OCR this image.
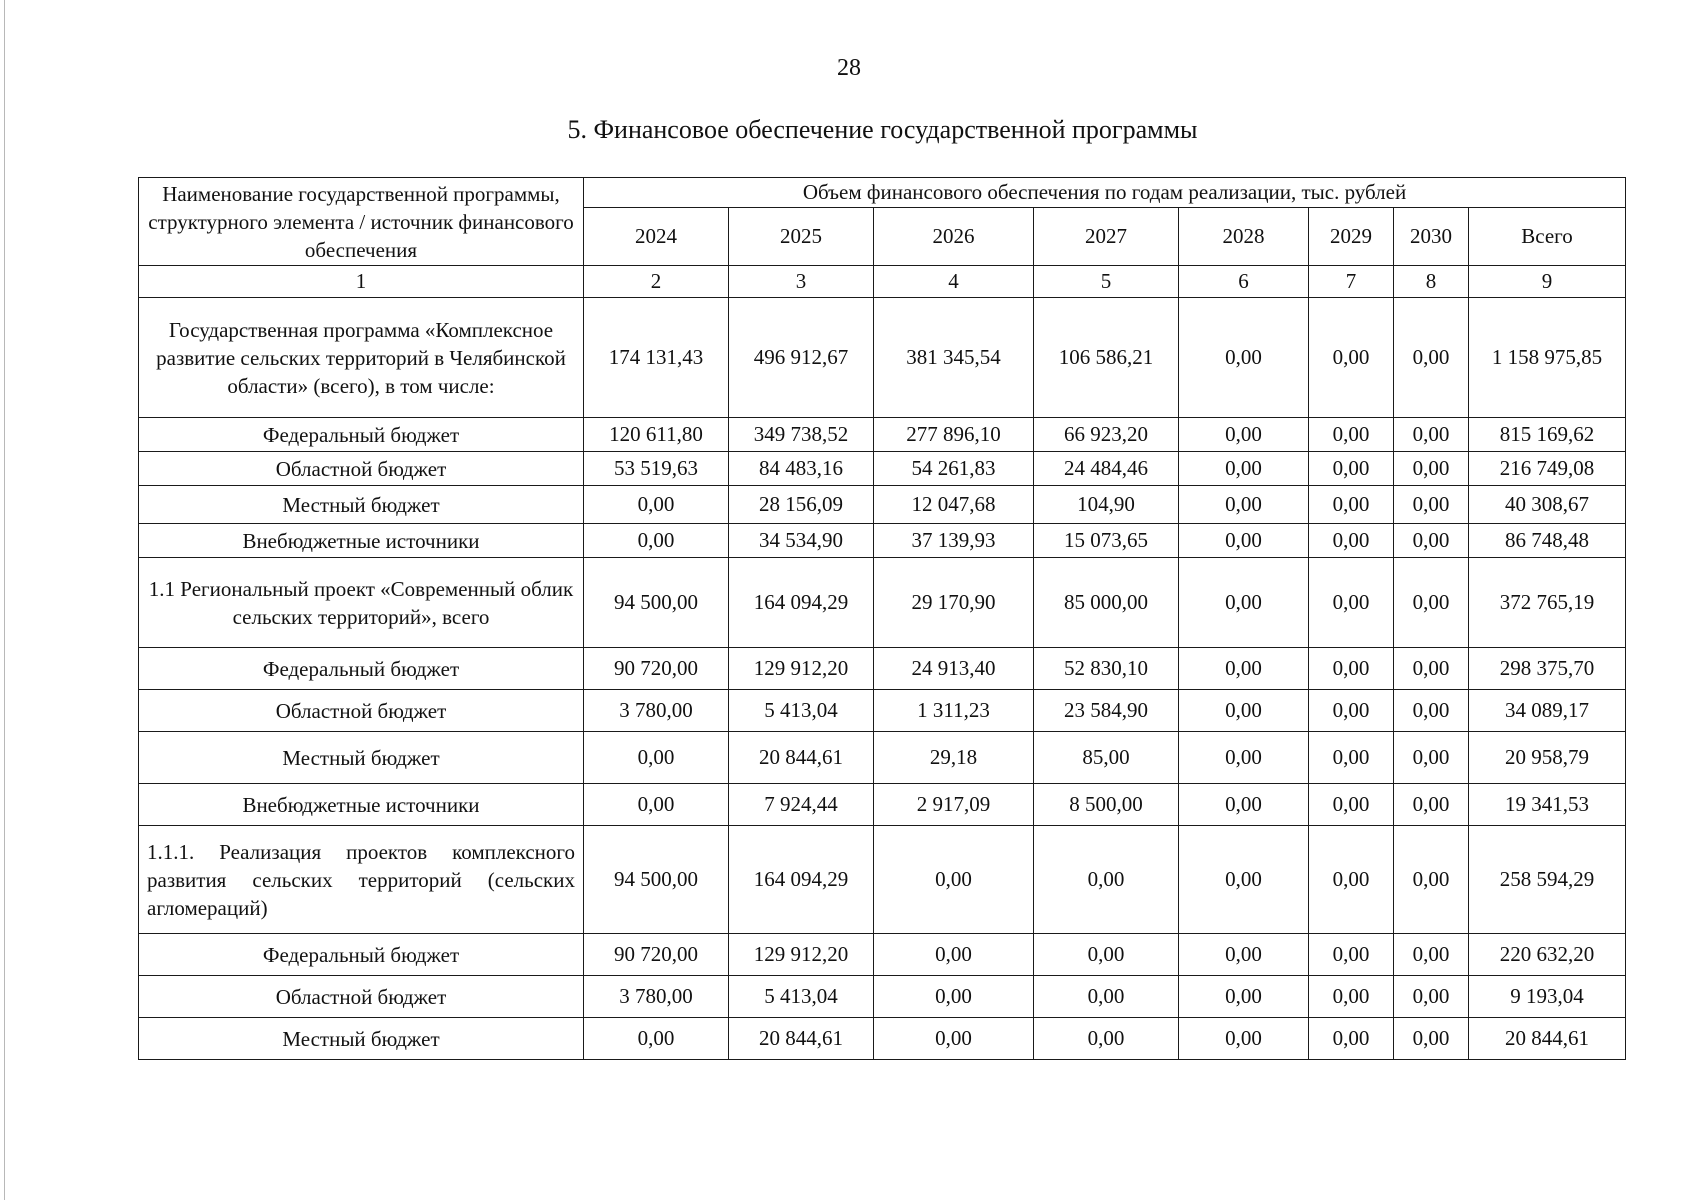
28
5. Финансовое обеспечение государственной программы
Наименование государственной программы, структурного элемента / источник финансового обеспечения	Объем финансового обеспечения по годам реализации, тыс. рублей							
	2024	2025	2026	2027	2028	2029	2030	Всего
1	2	3	4	5	6	7	8	9
Государственная программа «Комплексное развитие сельских территорий в Челябинской области» (всего), в том числе:	174 131,43	496 912,67	381 345,54	106 586,21	0,00	0,00	0,00	1 158 975,85
Федеральный бюджет	120 611,80	349 738,52	277 896,10	66 923,20	0,00	0,00	0,00	815 169,62
Областной бюджет	53 519,63	84 483,16	54 261,83	24 484,46	0,00	0,00	0,00	216 749,08
Местный бюджет	0,00	28 156,09	12 047,68	104,90	0,00	0,00	0,00	40 308,67
Внебюджетные источники	0,00	34 534,90	37 139,93	15 073,65	0,00	0,00	0,00	86 748,48
1.1 Региональный проект «Современный облик сельских территорий», всего	94 500,00	164 094,29	29 170,90	85 000,00	0,00	0,00	0,00	372 765,19
Федеральный бюджет	90 720,00	129 912,20	24 913,40	52 830,10	0,00	0,00	0,00	298 375,70
Областной бюджет	3 780,00	5 413,04	1 311,23	23 584,90	0,00	0,00	0,00	34 089,17
Местный бюджет	0,00	20 844,61	29,18	85,00	0,00	0,00	0,00	20 958,79
Внебюджетные источники	0,00	7 924,44	2 917,09	8 500,00	0,00	0,00	0,00	19 341,53
1.1.1. Реализация проектов комплексного развития сельских территорий (сельских агломераций)	94 500,00	164 094,29	0,00	0,00	0,00	0,00	0,00	258 594,29
Федеральный бюджет	90 720,00	129 912,20	0,00	0,00	0,00	0,00	0,00	220 632,20
Областной бюджет	3 780,00	5 413,04	0,00	0,00	0,00	0,00	0,00	9 193,04
Местный бюджет	0,00	20 844,61	0,00	0,00	0,00	0,00	0,00	20 844,61
